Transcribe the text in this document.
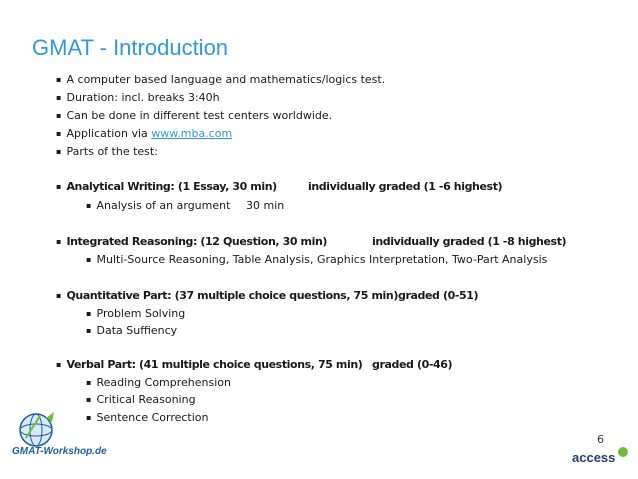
GMAT - Introduction
▪ A computer based language and mathematics/logics test.
▪ Duration: incl. breaks 3:40h
▪ Can be done in different test centers worldwide.
▪ Application via www.mba.com
▪ Parts of the test:
▪ Analytical Writing: (1 Essay, 30 min)	individually graded (1 -6 highest)
▪ Analysis of an argument 30 min
▪ Integrated Reasoning: (12 Question, 30 min)	individually graded (1 -8 highest)
▪ Multi-Source Reasoning, Table Analysis, Graphics Interpretation, Two-Part Analysis
▪ Quantitative Part: (37 multiple choice questions, 75 min)graded (0-51)
▪ Problem Solving
▪ Data Suffiency
▪ Verbal Part: (41 multiple choice questions, 75 min) graded (0-46)
▪ Reading Comprehension
▪ Critical Reasoning
▪ Sentence Correction
6
GMAT-Workshop.de	access
